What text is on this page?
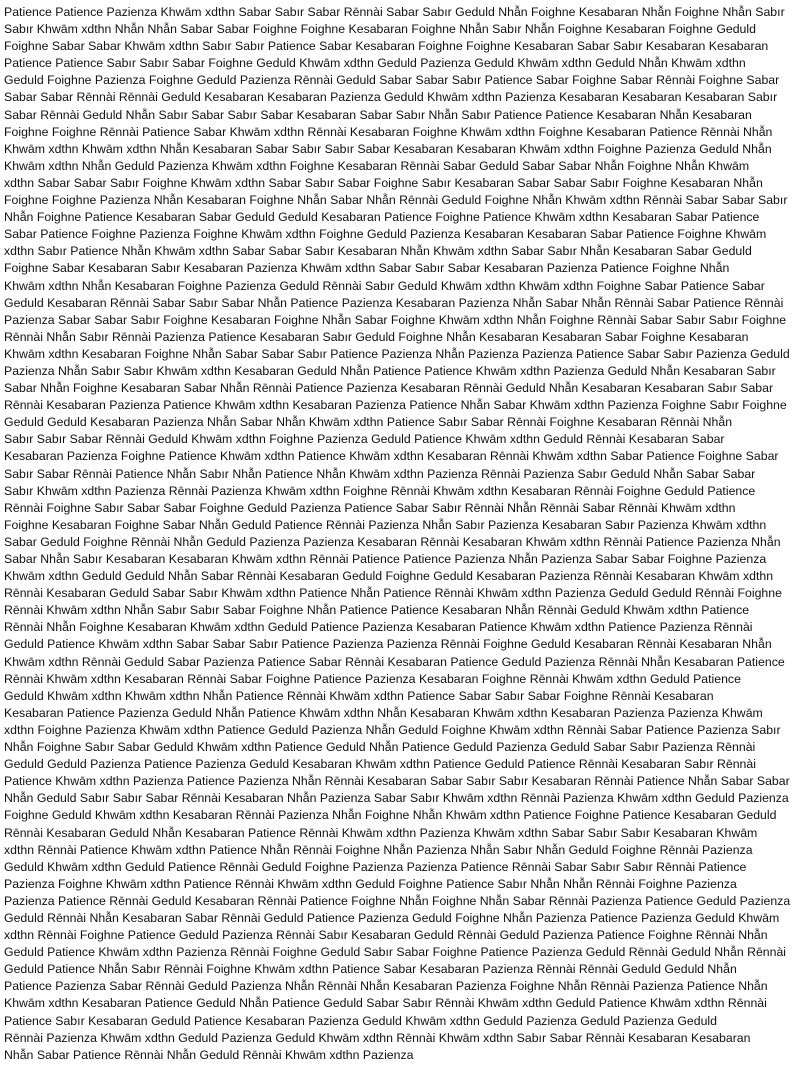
Patience Patience Pazienza Khwām xdthn Sabar Sabır Sabar Rēnnài Sabar Sabır Geduld Nhẫn Foighne Kesabaran Nhẫn Foighne Nhẫn Sabır
Sabır Khwām xdthn Nhẫn Nhẫn Sabar Sabar Foighne Foighne Kesabaran Foighne Nhẫn Sabır Nhẫn Foighne Kesabaran Foighne Geduld
Foighne Sabar Sabar Khwām xdthn Sabır Sabır Patience Sabar Kesabaran Foighne Foighne Kesabaran Sabar Sabır Kesabaran Kesabaran
Patience Patience Sabır Sabır Sabar Foighne Geduld Khwām xdthn Geduld Pazienza Geduld Khwām xdthn Geduld Nhẫn Khwām xdthn
Geduld Foighne Pazienza Foighne Geduld Pazienza Rēnnài Geduld Sabar Sabar Sabır Patience Sabar Foighne Sabar Rēnnài Foighne Sabar
Sabar Sabar Rēnnài Rēnnài Geduld Kesabaran Kesabaran Pazienza Geduld Khwām xdthn Pazienza Kesabaran Kesabaran Kesabaran Sabır
Sabar Rēnnài Geduld Nhẫn Sabır Sabar Sabır Sabar Kesabaran Sabar Sabır Nhẫn Sabır Patience Patience Kesabaran Nhẫn Kesabaran
Foighne Foighne Rēnnài Patience Sabar Khwām xdthn Rēnnài Kesabaran Foighne Khwām xdthn Foighne Kesabaran Patience Rēnnài Nhẫn
Khwām xdthn Khwām xdthn Nhẫn Kesabaran Sabar Sabır Sabır Sabar Kesabaran Kesabaran Khwām xdthn Foighne Pazienza Geduld Nhẫn
Khwām xdthn Nhẫn Geduld Pazienza Khwām xdthn Foighne Kesabaran Rēnnài Sabar Geduld Sabar Sabar Nhẫn Foighne Nhẫn Khwām
xdthn Sabar Sabar Sabır Foighne Khwām xdthn Sabar Sabır Sabar Foighne Sabır Kesabaran Sabar Sabar Sabır Foighne Kesabaran Nhẫn
Foighne Foighne Pazienza Nhẫn Kesabaran Foighne Nhẫn Sabar Nhẫn Rēnnài Geduld Foighne Nhẫn Khwām xdthn Rēnnài Sabar Sabar Sabır
Nhẫn Foighne Patience Kesabaran Sabar Geduld Geduld Kesabaran Patience Foighne Patience Khwām xdthn Kesabaran Sabar Patience
Sabar Patience Foighne Pazienza Foighne Khwām xdthn Foighne Geduld Pazienza Kesabaran Kesabaran Sabar Patience Foighne Khwām
xdthn Sabır Patience Nhẫn Khwām xdthn Sabar Sabar Sabır Kesabaran Nhẫn Khwām xdthn Sabar Sabır Nhẫn Kesabaran Sabar Geduld
Foighne Sabar Kesabaran Sabır Kesabaran Pazienza Khwām xdthn Sabar Sabır Sabar Kesabaran Pazienza Patience Foighne Nhẫn
Khwām xdthn Nhẫn Kesabaran Foighne Pazienza Geduld Rēnnài Sabır Geduld Khwām xdthn Khwām xdthn Foighne Sabar Patience Sabar
Geduld Kesabaran Rēnnài Sabar Sabır Sabar Nhẫn Patience Pazienza Kesabaran Pazienza Nhẫn Sabar Nhẫn Rēnnài Sabar Patience Rēnnài
Pazienza Sabar Sabar Sabır Foighne Kesabaran Foighne Nhẫn Sabar Foighne Khwām xdthn Nhẫn Foighne Rēnnài Sabar Sabır Sabır Foighne
Rēnnài Nhẫn Sabır Rēnnài Pazienza Patience Kesabaran Sabır Geduld Foighne Nhẫn Kesabaran Kesabaran Sabar Foighne Kesabaran
Khwām xdthn Kesabaran Foighne Nhẫn Sabar Sabar Sabır Patience Pazienza Nhẫn Pazienza Pazienza Patience Sabar Sabır Pazienza Geduld
Pazienza Nhẫn Sabır Sabır Khwām xdthn Kesabaran Geduld Nhẫn Patience Patience Khwām xdthn Pazienza Geduld Nhẫn Kesabaran Sabır
Sabar Nhẫn Foighne Kesabaran Sabar Nhẫn Rēnnài Patience Pazienza Kesabaran Rēnnài Geduld Nhẫn Kesabaran Kesabaran Sabır Sabar
Rēnnài Kesabaran Pazienza Patience Khwām xdthn Kesabaran Pazienza Patience Nhẫn Sabar Khwām xdthn Pazienza Foighne Sabır Foighne
Geduld Geduld Kesabaran Pazienza Nhẫn Sabar Nhẫn Khwām xdthn Patience Sabır Sabar Rēnnài Foighne Kesabaran Rēnnài Nhẫn
Sabır Sabır Sabar Rēnnài Geduld Khwām xdthn Foighne Pazienza Geduld Patience Khwām xdthn Geduld Rēnnài Kesabaran Sabar
Kesabaran Pazienza Foighne Patience Khwām xdthn Patience Khwām xdthn Kesabaran Rēnnài Khwām xdthn Sabar Patience Foighne Sabar
Sabır Sabar Rēnnài Patience Nhẫn Sabır Nhẫn Patience Nhẫn Khwām xdthn Pazienza Rēnnài Pazienza Sabır Geduld Nhẫn Sabar Sabar
Sabır Khwām xdthn Pazienza Rēnnài Pazienza Khwām xdthn Foighne Rēnnài Khwām xdthn Kesabaran Rēnnài Foighne Geduld Patience
Rēnnài Foighne Sabır Sabar Sabar Foighne Geduld Pazienza Patience Sabar Sabır Rēnnài Nhẫn Rēnnài Sabar Rēnnài Khwām xdthn
Foighne Kesabaran Foighne Sabar Nhẫn Geduld Patience Rēnnài Pazienza Nhẫn Sabır Pazienza Kesabaran Sabır Pazienza Khwām xdthn
Sabar Geduld Foighne Rēnnài Nhẫn Geduld Pazienza Pazienza Kesabaran Rēnnài Kesabaran Khwām xdthn Rēnnài Patience Pazienza Nhẫn
Sabar Nhẫn Sabır Kesabaran Kesabaran Khwām xdthn Rēnnài Patience Patience Pazienza Nhẫn Pazienza Sabar Sabar Foighne Pazienza
Khwām xdthn Geduld Geduld Nhẫn Sabar Rēnnài Kesabaran Geduld Foighne Geduld Kesabaran Pazienza Rēnnài Kesabaran Khwām xdthn
Rēnnài Kesabaran Geduld Sabar Sabır Khwām xdthn Patience Nhẫn Patience Rēnnài Khwām xdthn Pazienza Geduld Geduld Rēnnài Foighne
Rēnnài Khwām xdthn Nhẫn Sabır Sabır Sabar Foighne Nhẫn Patience Patience Kesabaran Nhẫn Rēnnài Geduld Khwām xdthn Patience
Rēnnài Nhẫn Foighne Kesabaran Khwām xdthn Geduld Patience Pazienza Kesabaran Patience Khwām xdthn Patience Pazienza Rēnnài
Geduld Patience Khwām xdthn Sabar Sabar Sabır Patience Pazienza Pazienza Rēnnài Foighne Geduld Kesabaran Rēnnài Kesabaran Nhẫn
Khwām xdthn Rēnnài Geduld Sabar Pazienza Patience Sabar Rēnnài Kesabaran Patience Geduld Pazienza Rēnnài Nhẫn Kesabaran Patience
Rēnnài Khwām xdthn Kesabaran Rēnnài Sabar Foighne Patience Pazienza Kesabaran Foighne Rēnnài Khwām xdthn Geduld Patience
Geduld Khwām xdthn Khwām xdthn Nhẫn Patience Rēnnài Khwām xdthn Patience Sabar Sabır Sabar Foighne Rēnnài Kesabaran
Kesabaran Patience Pazienza Geduld Nhẫn Patience Khwām xdthn Nhẫn Kesabaran Khwām xdthn Kesabaran Pazienza Pazienza Khwām
xdthn Foighne Pazienza Khwām xdthn Patience Geduld Pazienza Nhẫn Geduld Foighne Khwām xdthn Rēnnài Sabar Patience Pazienza Sabır
Nhẫn Foighne Sabır Sabar Geduld Khwām xdthn Patience Geduld Nhẫn Patience Geduld Pazienza Geduld Sabar Sabır Pazienza Rēnnài
Geduld Geduld Pazienza Patience Pazienza Geduld Kesabaran Khwām xdthn Patience Geduld Patience Rēnnài Kesabaran Sabır Rēnnài
Patience Khwām xdthn Pazienza Patience Pazienza Nhẫn Rēnnài Kesabaran Sabar Sabır Sabır Kesabaran Rēnnài Patience Nhẫn Sabar Sabar
Nhẫn Geduld Sabır Sabır Sabar Rēnnài Kesabaran Nhẫn Pazienza Sabar Sabır Khwām xdthn Rēnnài Pazienza Khwām xdthn Geduld Pazienza
Foighne Geduld Khwām xdthn Kesabaran Rēnnài Pazienza Nhẫn Foighne Nhẫn Khwām xdthn Patience Foighne Patience Kesabaran Geduld
Rēnnài Kesabaran Geduld Nhẫn Kesabaran Patience Rēnnài Khwām xdthn Pazienza Khwām xdthn Sabar Sabır Sabır Kesabaran Khwām
xdthn Rēnnài Patience Khwām xdthn Patience Nhẫn Rēnnài Foighne Nhẫn Pazienza Nhẫn Sabır Nhẫn Geduld Foighne Rēnnài Pazienza
Geduld Khwām xdthn Geduld Patience Rēnnài Geduld Foighne Pazienza Pazienza Patience Rēnnài Sabar Sabır Sabır Rēnnài Patience
Pazienza Foighne Khwām xdthn Patience Rēnnài Khwām xdthn Geduld Foighne Patience Sabır Nhẫn Nhẫn Rēnnài Foighne Pazienza
Pazienza Patience Rēnnài Geduld Kesabaran Rēnnài Patience Foighne Nhẫn Foighne Nhẫn Sabar Rēnnài Pazienza Patience Geduld Pazienza
Geduld Rēnnài Nhẫn Kesabaran Sabar Rēnnài Geduld Patience Pazienza Geduld Foighne Nhẫn Pazienza Patience Pazienza Geduld Khwām
xdthn Rēnnài Foighne Patience Geduld Pazienza Rēnnài Sabır Kesabaran Geduld Rēnnài Geduld Pazienza Patience Foighne Rēnnài Nhẫn
Geduld Patience Khwām xdthn Pazienza Rēnnài Foighne Geduld Sabır Sabar Foighne Patience Pazienza Geduld Rēnnài Geduld Nhẫn Rēnnài
Geduld Patience Nhẫn Sabır Rēnnài Foighne Khwām xdthn Patience Sabar Kesabaran Pazienza Rēnnài Rēnnài Geduld Geduld Nhẫn
Patience Pazienza Sabar Rēnnài Geduld Pazienza Nhẫn Rēnnài Nhẫn Kesabaran Pazienza Foighne Nhẫn Rēnnài Pazienza Patience Nhẫn
Khwām xdthn Kesabaran Patience Geduld Nhẫn Patience Geduld Sabar Sabır Rēnnài Khwām xdthn Geduld Patience Khwām xdthn Rēnnài
Patience Sabır Kesabaran Geduld Patience Kesabaran Pazienza Geduld Khwām xdthn Geduld Pazienza Geduld Pazienza Geduld
Rēnnài Pazienza Khwām xdthn Geduld Pazienza Geduld Khwām xdthn Rēnnài Khwām xdthn Sabır Sabar Rēnnài Kesabaran Kesabaran
Nhẫn Sabar Patience Rēnnài Nhẫn Geduld Rēnnài Khwām xdthn Pazienza
